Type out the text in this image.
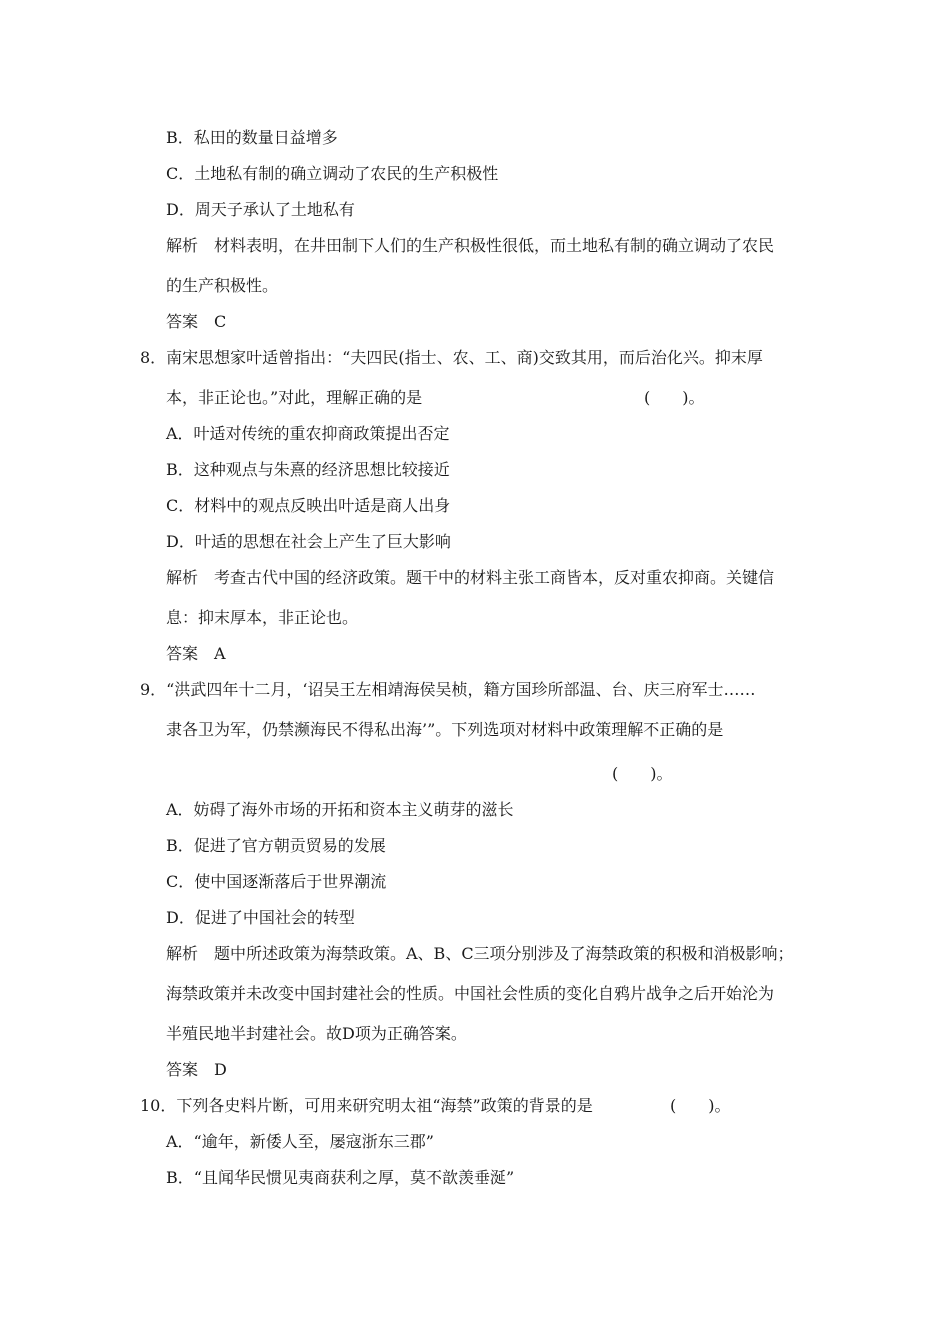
B．私田的数量日益增多
C．土地私有制的确立调动了农民的生产积极性
D．周天子承认了土地私有
解析　材料表明，在井田制下人们的生产积极性很低，而土地私有制的确立调动了农民
的生产积极性。
答案　C
8．南宋思想家叶适曾指出：“夫四民(指士、农、工、商)交致其用，而后治化兴。抑末厚
本，非正论也。”对此，理解正确的是	(　　)。
A．叶适对传统的重农抑商政策提出否定
B．这种观点与朱熹的经济思想比较接近
C．材料中的观点反映出叶适是商人出身
D．叶适的思想在社会上产生了巨大影响
解析　考查古代中国的经济政策。题干中的材料主张工商皆本，反对重农抑商。关键信
息：抑末厚本，非正论也。
答案　A
9．“洪武四年十二月，‘诏吴王左相靖海侯吴桢，籍方国珍所部温、台、庆三府军士……
隶各卫为军，仍禁濒海民不得私出海’”。下列选项对材料中政策理解不正确的是
(　　)。
A．妨碍了海外市场的开拓和资本主义萌芽的滋长
B．促进了官方朝贡贸易的发展
C．使中国逐渐落后于世界潮流
D．促进了中国社会的转型
解析　题中所述政策为海禁政策。A、B、C三项分别涉及了海禁政策的积极和消极影响；
海禁政策并未改变中国封建社会的性质。中国社会性质的变化自鸦片战争之后开始沦为
半殖民地半封建社会。故D项为正确答案。
答案　D
10．下列各史料片断，可用来研究明太祖“海禁”政策的背景的是	(　　)。
A．“逾年，新倭人至，屡寇浙东三郡”
B．“且闻华民惯见夷商获利之厚，莫不歆羡垂涎”
